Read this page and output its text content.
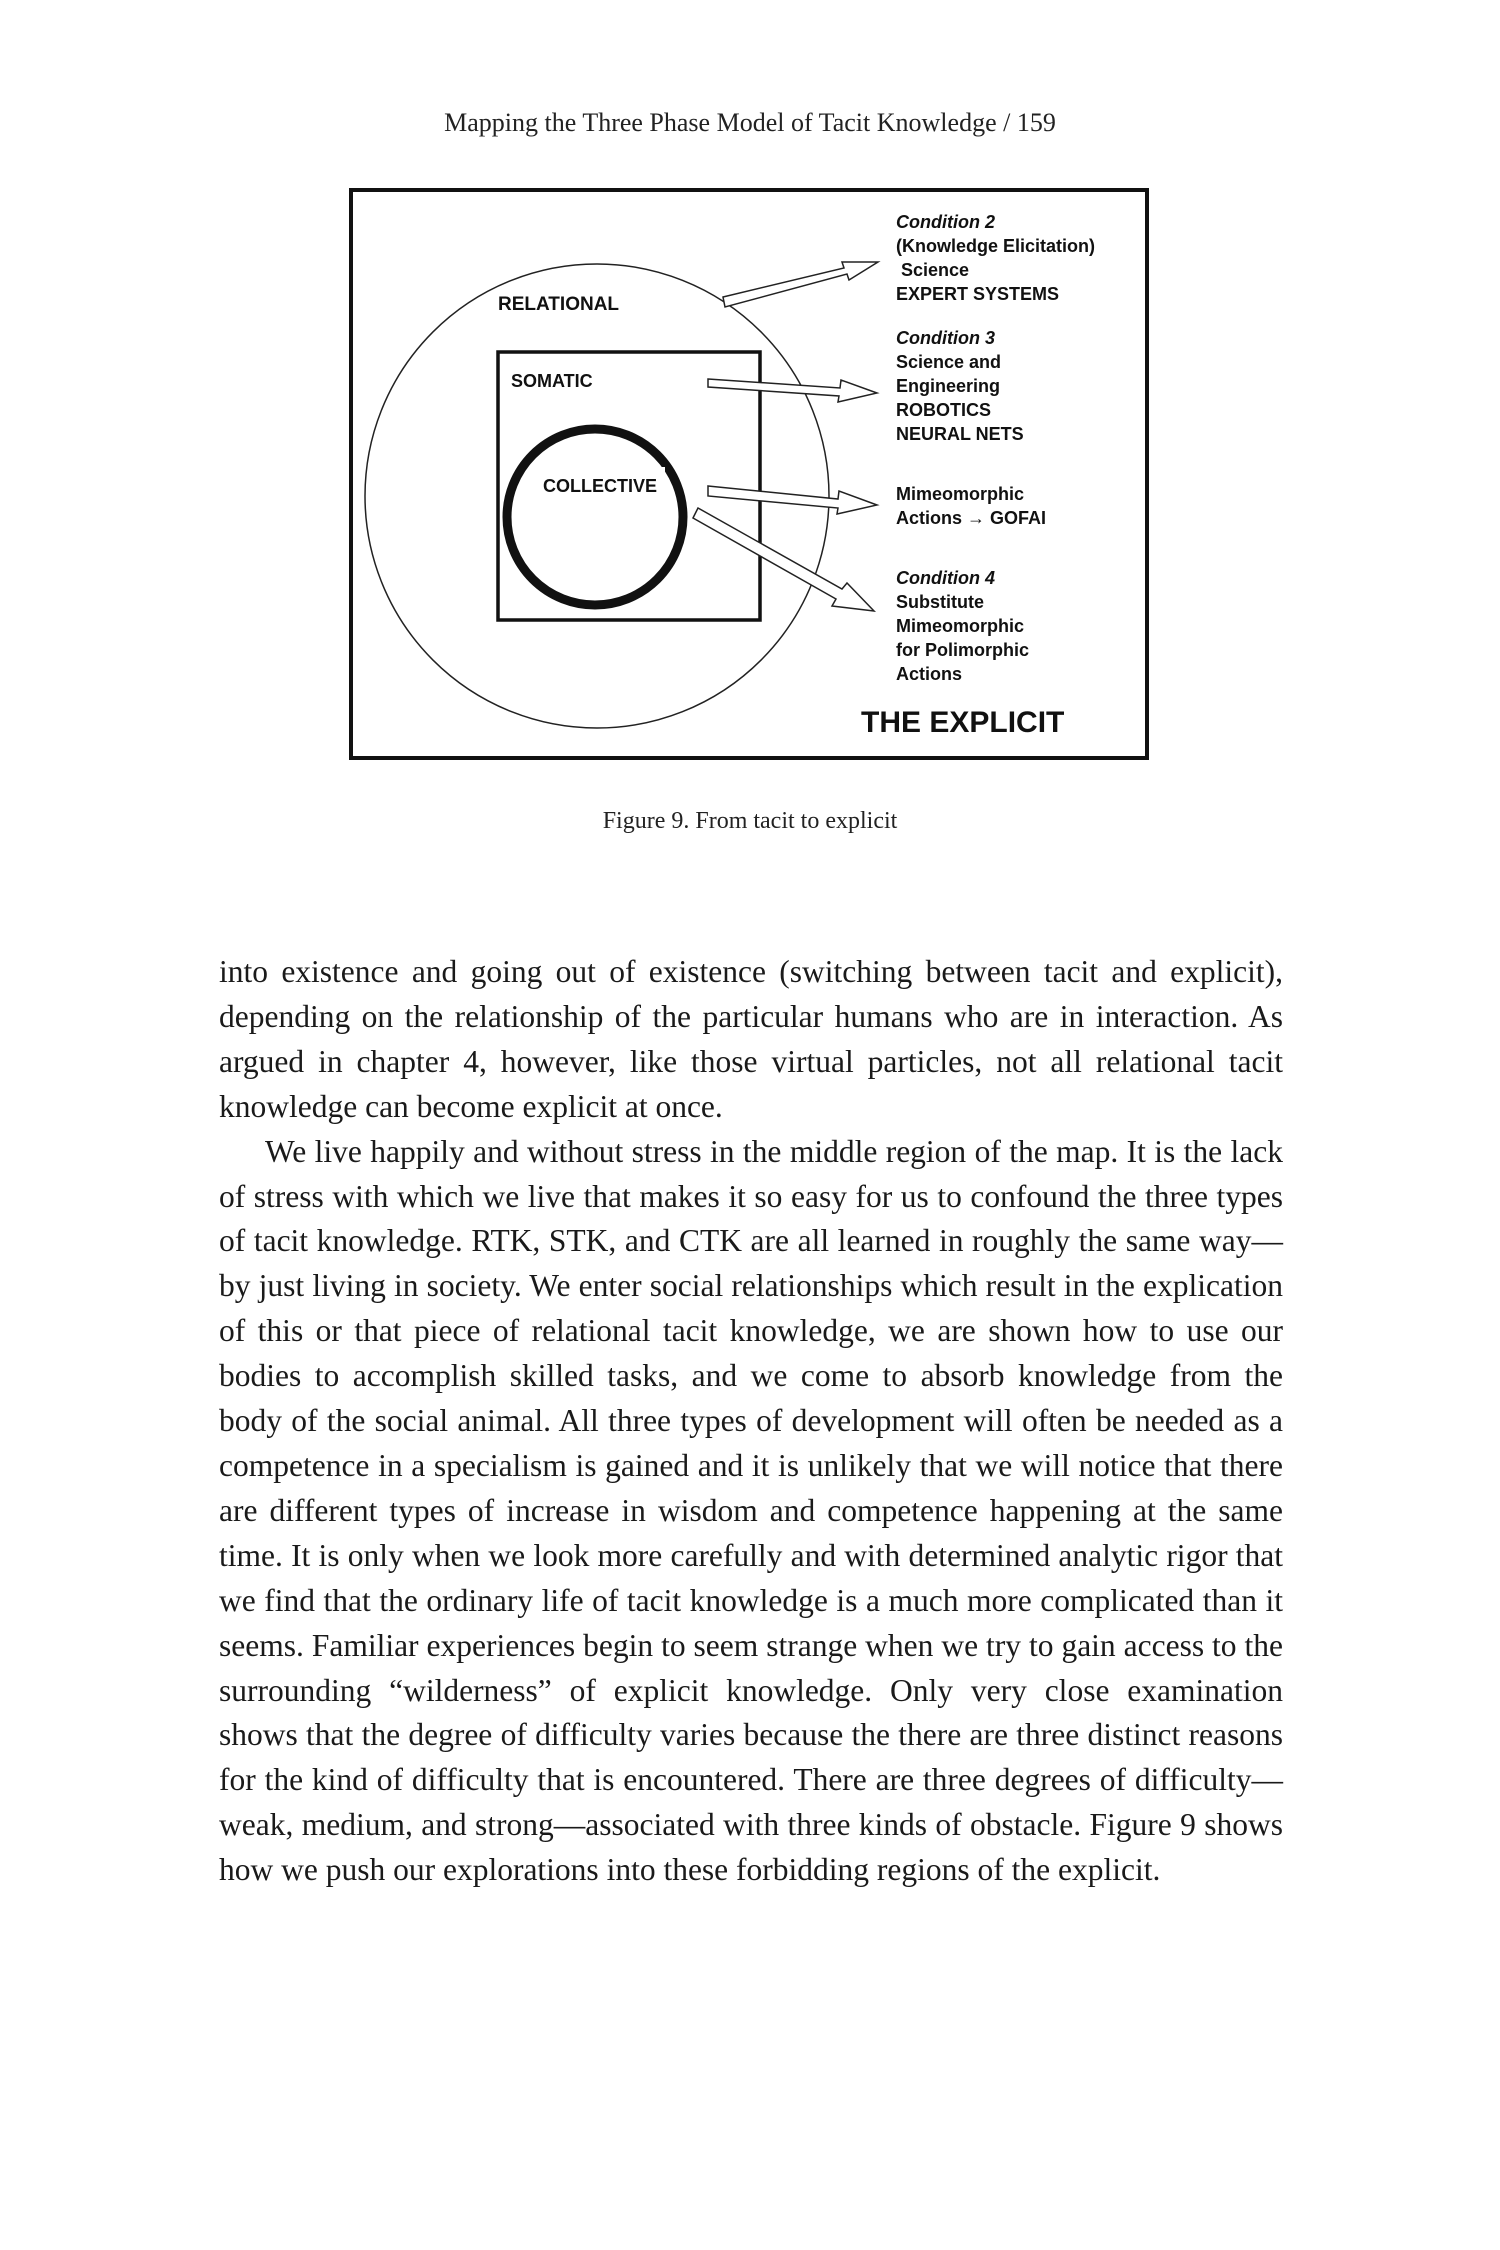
Mapping the Three Phase Model of Tacit Knowledge / 159
RELATIONAL
SOMATIC
COLLECTIVE
Condition 2
(Knowledge Elicitation)
Science
EXPERT SYSTEMS
Condition 3
Science and
Engineering
ROBOTICS
NEURAL NETS
Mimeomorphic
Actions → GOFAI
Condition 4
Substitute
Mimeomorphic
for Polimorphic
Actions
THE EXPLICIT
Figure 9. From tacit to explicit

into existence and going out of existence (switching between tacit and explicit), depending on the relationship of the particular humans who are in interaction. As argued in chapter 4, however, like those virtual particles, not all relational tacit knowledge can become explicit at once.

We live happily and without stress in the middle region of the map. It is the lack of stress with which we live that makes it so easy for us to confound the three types of tacit knowledge. RTK, STK, and CTK are all learned in roughly the same way—by just living in society. We enter social relationships which result in the explication of this or that piece of relational tacit knowledge, we are shown how to use our bodies to accomplish skilled tasks, and we come to absorb knowledge from the body of the social animal. All three types of development will often be needed as a competence in a specialism is gained and it is unlikely that we will notice that there are different types of increase in wisdom and competence happening at the same time. It is only when we look more carefully and with determined analytic rigor that we find that the ordinary life of tacit knowledge is a much more complicated than it seems. Familiar experiences begin to seem strange when we try to gain access to the surrounding “wilderness” of explicit knowledge. Only very close examination shows that the degree of difficulty varies because the there are three distinct reasons for the kind of difficulty that is encountered. There are three degrees of difficulty—weak, medium, and strong—associated with three kinds of obstacle. Figure 9 shows how we push our explorations into these forbidding regions of the explicit.
